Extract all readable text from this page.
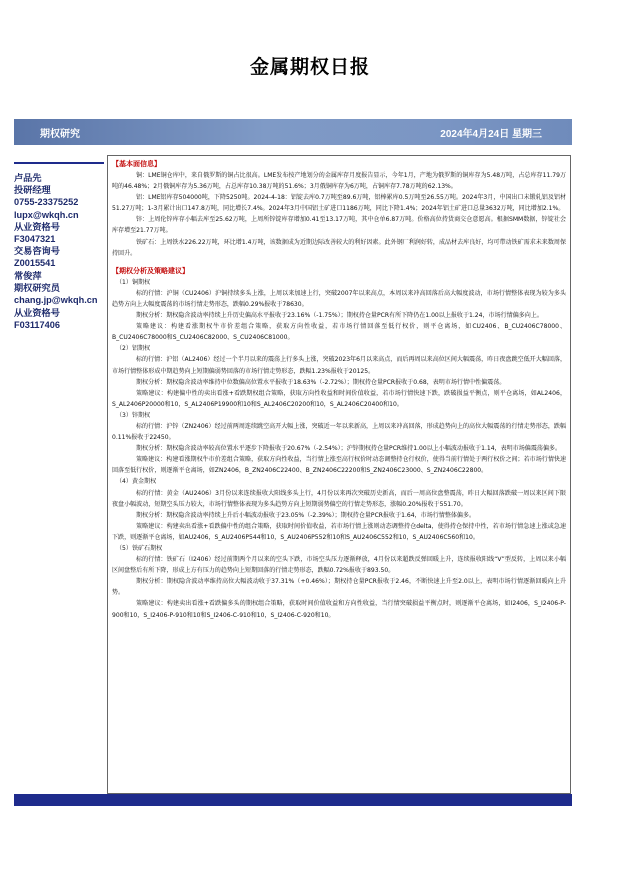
金属期权日报
期权研究	2024年4月24日 星期三
卢品先
投研经理
0755-23375252
lupx@wkqh.cn
从业资格号
F3047321
交易咨询号
Z0015541
常俊萍
期权研究员
chang.jp@wkqh.cn
从业资格号
F03117406
【基本面信息】

铜：LME铜仓库中，来自俄罗斯的铜占比很高。LME发布按产地划分的金属库存月度报告显示，今年1月，产地为俄罗斯的铜库存为5.48万吨，占总库存11.79万吨的46.48%；2月俄铜库存为5.36万吨，占总库存10.38万吨的51.6%；3月俄铜库存为6万吨，占铜库存7.78万吨的62.13%。

铝：LME铝库存504000吨，下降5250吨。2024-4-18：铝锭去库0.7万吨至89.6万吨，铝棒累库0.5万吨至26.55万吨。2024年3月，中国出口未锻轧铝及铝材51.27万吨；1-3月累计出口147.8万吨，同比增长7.4%。2024年3月中国铝土矿进口1186万吨，同比下降1.4%；2024年铝土矿进口总量3632万吨，同比增加2.1%。

锌：上周伦锌库存小幅去库至25.62万吨，上周所锌锭库存增加0.41至13.17万吨，其中仓单6.87万吨。价格高位持货商交仓意愿高。根据SMM数据，锌锭社会库存增至21.77万吨。

铁矿石：上周铁水226.22万吨，环比增1.4万吨，该数据成为近期边际改善较大的利好因素。此外钢厂利润好转，成品材去库良好，均可带动铁矿需求未来数周保持回升。

【期权分析及策略建议】

（1）铜期权

标的行情：沪铜（CU2406）沪铜持续多头上涨，上周以来加速上行，突破2007年以来高点，本周以来冲高回落后高大幅度波动，市场行情整体表现为较为多头趋势方向上大幅度震荡的市场行情走势形态，跌幅0.29%报收于78630。

期权分析：期权隐含波动率持续上升历史偏高水平报收于23.16%（-1.75%）；期权持仓量PCR有所下降仍在1.00以上报收于1.24，市场行情偏多向上。

策略建议：构建看涨期权牛市价差组合策略，获取方向性收益，若市场行情回落至低行权价，则平仓离场，如CU2406、B_CU2406C78000、B_CU2406C78000和S_CU2406C82000、S_CU2406C81000。

（2）铝期权

标的行情：沪铝（AL2406）经过一个半月以来的震荡上行多头上涨，突破2023年6月以来高点，而后再周以来高位区间大幅震荡，昨日夜盘跳空低开大幅回落，市场行情整体形成中期趋势向上短期偏弱势回落的市场行情走势形态，跌幅1.23%报收于20125。

期权分析：期权隐含波动率维持中位数偏高位置水平报收于18.63%（-2.72%）；期权持仓量PCR报收于0.68，表明市场行情中性偏震荡。

策略建议：构建偏中性的卖出看涨+看跌期权组合策略，获取方向性收益和时间价值收益，若市场行情快速下跌，跌破损益平衡点，则平仓离场，如AL2406，S_AL2406P20000和10，S_AL2406P19900和10和S_AL2406C20200和10，S_AL2406C20400和10。

（3）锌期权

标的行情：沪锌（ZN2406）经过前两周连续跳空高开大幅上涨，突破近一年以来新高，上周以来冲高回落，形成趋势向上的高位大幅震荡的行情走势形态，跌幅0.11%报收于22450。

期权分析：期权隐含波动率较高位置水平逐步下降报收于20.67%（-2.54%）；沪锌期权持仓量PCR维持1.00以上小幅波动报收于1.14，表明市场偏震荡偏多。

策略建议：构建看涨期权牛市价差组合策略，获取方向性收益，当行情上涨至高行权价时动态调整持仓行权价，使得当前行情处于两行权价之间；若市场行情快速回落至低行权价，则逐渐平仓离场，如ZN2406，B_ZN2406C22400、B_ZN2406C22200和S_ZN2406C23000、S_ZN2406C22800。

（4）黄金期权

标的行情：黄金（AU2406）3月份以来连续报收大阳线多头上行，4月份以来再次突破历史新高，而后一周高位盘整震荡，昨日大幅回落跌破一周以来区间下限夜盘小幅波动，短期空头压力较大，市场行情整体表现为多头趋势方向上短期弱势偏空的行情走势形态，涨幅0.20%报收于551.70。

期权分析：期权隐含波动率持续上升后小幅波动报收于23.05%（-2.39%）；期权持仓量PCR报收于1.64，市场行情整体偏多。

策略建议：构建卖出看涨+看跌偏中性的组合策略，获取时间价值收益，若市场行情上涨则动态调整持仓delta，使得持仓保持中性，若市场行情急速上涨或急速下跌，则逐渐平仓离场，如AU2406，S_AU2406P544和10，S_AU2406P552和10和S_AU2406C552和10，S_AU2406C560和10。

（5）铁矿石期权

标的行情：铁矿石（I2406）经过前期两个月以来的空头下跌，市场空头压力逐渐释放，4月份以来超跌反弹回暖上升，连续报收阳线“V”型反转，上周以来小幅区间盘整后有所下降，形成上方有压力的趋势向上短期回落的行情走势形态，跌幅0.72%报收于893.50。

期权分析：期权隐含波动率维持高位大幅波动收于37.31%（+0.46%）；期权持仓量PCR报收于2.46，不断快速上升至2.0以上，表明市场行情逐渐回暖向上升势。

策略建议：构建卖出看涨+看跌偏多头的期权组合策略，获取时间价值收益和方向性收益，当行情突破损益平衡点时，则逐渐平仓离场，如I2406，S_I2406-P-900和10，S_I2406-P-910和10和S_I2406-C-910和10，S_I2406-C-920和10。
